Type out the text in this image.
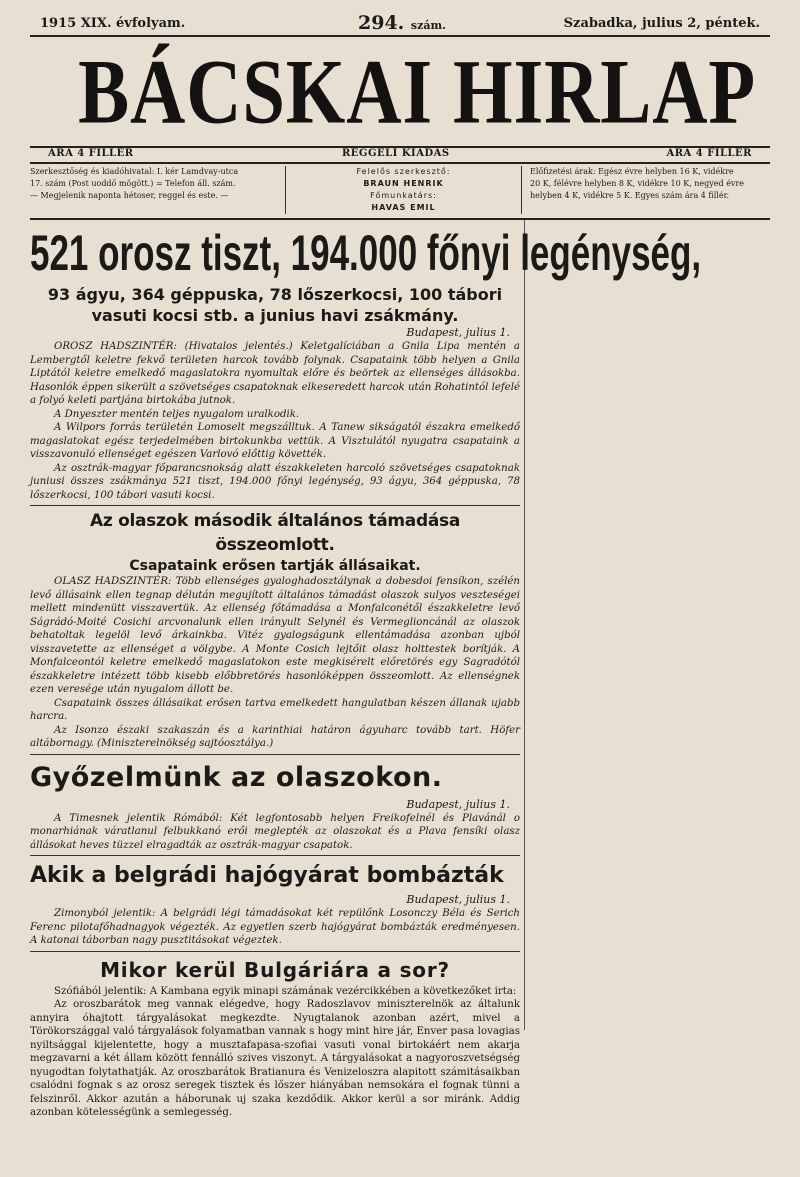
1915 XIX. évfolyam.	294. szám.	Szabadka, julius 2, péntek.
BÁCSKAI HIRLAP
ÁRA 4 FILLÉR	REGGELI KIADÁS	ÁRA 4 FILLÉR
Szerkesztőség és kiadóhivatal: I. kér Lamdvay-utca
17. szám (Post uoddő mögött.) = Telefon áll. szám.
— Megjelenik naponta hétoser, reggel és este. —
Felelős szerkesztő:
BRAUN HENRIK
Főmunkatárs:
HAVAS EMIL
Előfizetési árak: Egész évre helyben 16 K, vidékre
20 K, félévre helyben 8 K, vidékre 10 K, negyed évre
helyben 4 K, vidékre 5 K. Egyes szám ára 4 fillér.
521 orosz tiszt, 194.000 főnyi legénység,
93 ágyu, 364 géppuska, 78 lőszerkocsi, 100 tábori
vasuti kocsi stb. a junius havi zsákmány.
Budapest, julius 1.

OROSZ HADSZINTÉR: (Hivatalos jelentés.) Keletgalíciában a Gnila Lipa mentén a Lembergtől keletre fekvő területen harcok tovább folynak. Csapataink több helyen a Gnila Liptától keletre emelkedő magaslatokra nyomultak előre és beörtek az ellenséges állásokba. Hasonlók éppen sikerült a szövetséges csapatoknak elkeseredett harcok után Rohatintól lefelé a folyó keleti partjána birtokába jutnok.

A Dnyeszter mentén teljes nyugalom uralkodik.

A Wilpors forrás területén Lomoselt megszálltuk. A Tanew sikságatól északra emelkedő magaslatokat egész terjedelmében birtokunkba vettük. A Visztulától nyugatra csapataink a visszavonuló ellenséget egészen Varlovó előttig követték.

Az osztrák-magyar főparancsnokság alatt északkeleten harcoló szövetséges csapatoknak juniusi összes zsákmánya 521 tiszt, 194.000 főnyi legénység, 93 ágyu, 364 géppuska, 78 lőszerkocsi, 100 tábori vasuti kocsi.

Az olaszok második általános támadása összeomlott.
Csapataink erősen tartják állásaikat.

OLASZ HADSZINTÉR: Több ellenséges gyaloghadosztálynak a dobesdoi fensíkon, szélén levő állásaink ellen tegnap délután megujított általános támadást olaszok sulyos veszteségei mellett mindenütt visszavertük. Az ellenség főtámadása a Monfalconétől északkeletre levő Ságrádó-Moité Cosichi arcvonalunk ellen irányult Selynél és Vermeglioncánál az olaszok behatoltak legelöl levő árkainkba. Vitéz gyalogságunk ellentámadása azonban ujból visszavetette az ellenséget a völgybe. A Monte Cosich lejtőit olasz holttestek borítják. A Monfalceontól keletre emelkedő magaslatokon este megkisérelt előretörés egy Sagradótól északkeletre intézett több kisebb előbbretörés hasonlóképpen összeomlott. Az ellenségnek ezen veresége után nyugalom állott be.

Csapataink összes állásaikat erősen tartva emelkedett hangulatban készen állanak ujabb harcra.

Az Isonzo északi szakaszán és a karinthiai határon ágyuharc tovább tart. Höfer altábornagy. (Miniszterelnökség sajtóosztálya.)

Győzelmünk az olaszokon.
Budapest, julius 1.

A Timesnek jelentik Rómából: Két legfontosabb helyen Freikofelnél és Plavánál o monarhiának váratlanul felbukkanó erői meglepték az olaszokat és a Plava fensíki olasz állásokat heves tüzzel elragadták az osztrák-magyar csapatok.

Akik a belgrádi hajógyárat bombázták
Budapest, julius 1.

Zimonyból jelentik: A belgrádi légi támadásokat két repülőnk Losonczy Béla és Serich Ferenc pilotafőhadnagyok végezték. Az egyetlen szerb hajógyárat bombázták eredményesen. A katonai táborban nagy pusztitásokat végeztek.

Mikor kerül Bulgáriára a sor?

Szófiából jelentik: A Kambana egyik minapi számának vezércikkében a következőket irta:

Az oroszbarátok meg vannak elégedve, hogy Radoszlavov miniszterelnök az általunk annyira óhajtott tárgyalásokat megkezdte. Nyugtalanok azonban azért, mivel a Törökországgal való tárgyalások folyamatban vannak s hogy mint hire jár, Enver pasa lovagias nyiltsággal kijelentette, hogy a musztafapasa-szofiai vasuti vonal birtokáért nem akarja megzavarni a két állam között fennálló szives viszonyt. A tárgyalásokat a nagyoroszvetségség nyugodtan folytathatják. Az oroszbarátok Bratianura és Venizeloszra alapitott számitásaikban csalódni fognak s az orosz seregek tisztek és lőszer hiányában nemsokára el fognak tünni a felszinről. Akkor azután a háborunak uj szaka kezdődik. Akkor kerül a sor miránk. Addig azonban kötelességünk a semlegesség.
